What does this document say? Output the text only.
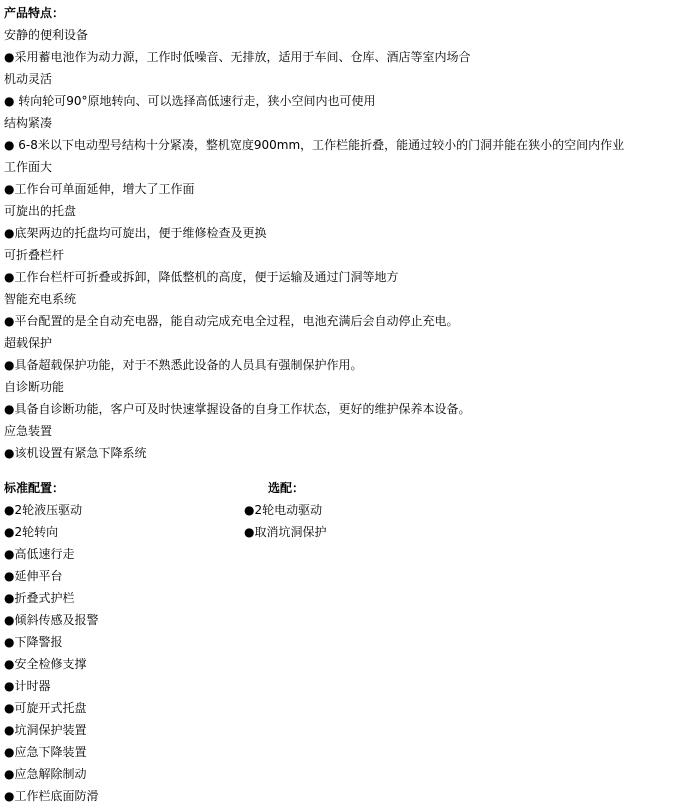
产品特点：
安静的便利设备
●采用蓄电池作为动力源，工作时低噪音、无排放，适用于车间、仓库、酒店等室内场合
机动灵活
● 转向轮可90°原地转向、可以选择高低速行走，狭小空间内也可使用
结构紧凑
● 6-8米以下电动型号结构十分紧凑，整机宽度900mm，工作栏能折叠，能通过较小的门洞并能在狭小的空间内作业
工作面大
●工作台可单面延伸，增大了工作面
可旋出的托盘
●底架两边的托盘均可旋出，便于维修检查及更换
可折叠栏杆
●工作台栏杆可折叠或拆卸，降低整机的高度，便于运输及通过门洞等地方
智能充电系统
●平台配置的是全自动充电器，能自动完成充电全过程，电池充满后会自动停止充电。
超载保护
●具备超载保护功能，对于不熟悉此设备的人员具有强制保护作用。
自诊断功能
●具备自诊断功能，客户可及时快速掌握设备的自身工作状态，更好的维护保养本设备。
应急装置
●该机设置有紧急下降系统
标准配置：
●2轮液压驱动
●2轮转向
●高低速行走
●延伸平台
●折叠式护栏
●倾斜传感及报警
●下降警报
●安全检修支撑
●计时器
●可旋开式托盘
●坑洞保护装置
●应急下降装置
●应急解除制动
●工作栏底面防滑
选配：
●2轮电动驱动
●取消坑洞保护
